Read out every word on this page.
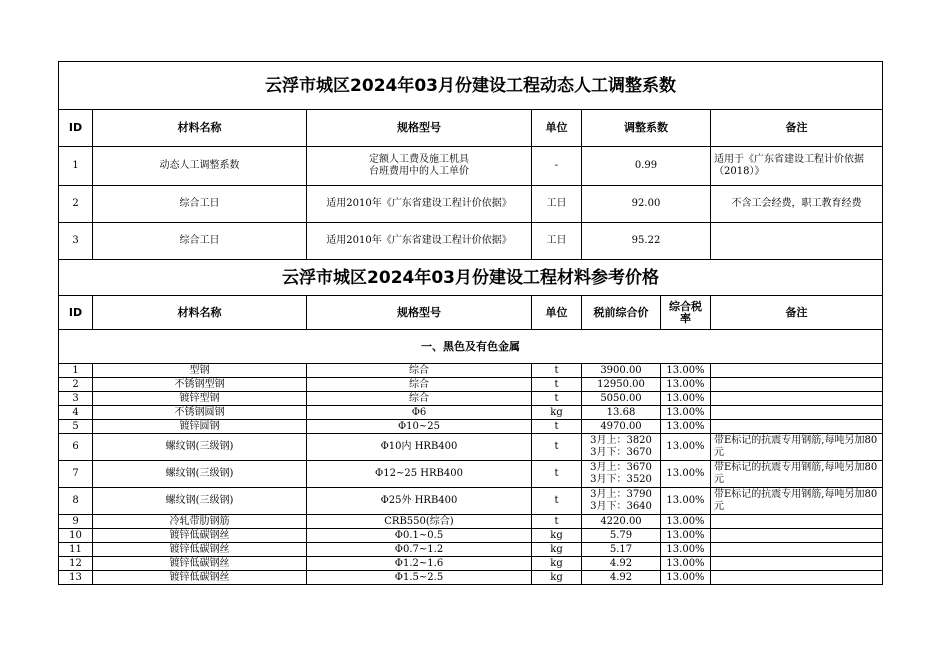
云浮市城区2024年03月份建设工程动态人工调整系数						
ID	材料名称	规格型号	单位	调整系数		备注
1	动态人工调整系数	定额人工费及施工机具
台班费用中的人工单价	-	0.99		适用于《广东省建设工程计价依据（2018）》
2	综合工日	适用2010年《广东省建设工程计价依据》	工日	92.00		不含工会经费，职工教育经费
3	综合工日	适用2010年《广东省建设工程计价依据》	工日	95.22		
云浮市城区2024年03月份建设工程材料参考价格						
ID	材料名称	规格型号	单位	税前综合价	综合税率	备注
一、黑色及有色金属						
1	型钢	综合	t	3900.00	13.00%	
2	不锈钢型钢	综合	t	12950.00	13.00%	
3	镀锌型钢	综合	t	5050.00	13.00%	
4	不锈钢圆钢	Φ6	kg	13.68	13.00%	
5	镀锌圆钢	Φ10~25	t	4970.00	13.00%	
6	螺纹钢(三级钢)	Φ10内 HRB400	t	3月上：3820
3月下：3670	13.00%	带E标记的抗震专用钢筋,每吨另加80元
7	螺纹钢(三级钢)	Φ12~25 HRB400	t	3月上：3670
3月下：3520	13.00%	带E标记的抗震专用钢筋,每吨另加80元
8	螺纹钢(三级钢)	Φ25外 HRB400	t	3月上：3790
3月下：3640	13.00%	带E标记的抗震专用钢筋,每吨另加80元
9	冷轧带肋钢筋	CRB550(综合)	t	4220.00	13.00%	
10	镀锌低碳钢丝	Φ0.1~0.5	kg	5.79	13.00%	
11	镀锌低碳钢丝	Φ0.7~1.2	kg	5.17	13.00%	
12	镀锌低碳钢丝	Φ1.2~1.6	kg	4.92	13.00%	
13	镀锌低碳钢丝	Φ1.5~2.5	kg	4.92	13.00%	
